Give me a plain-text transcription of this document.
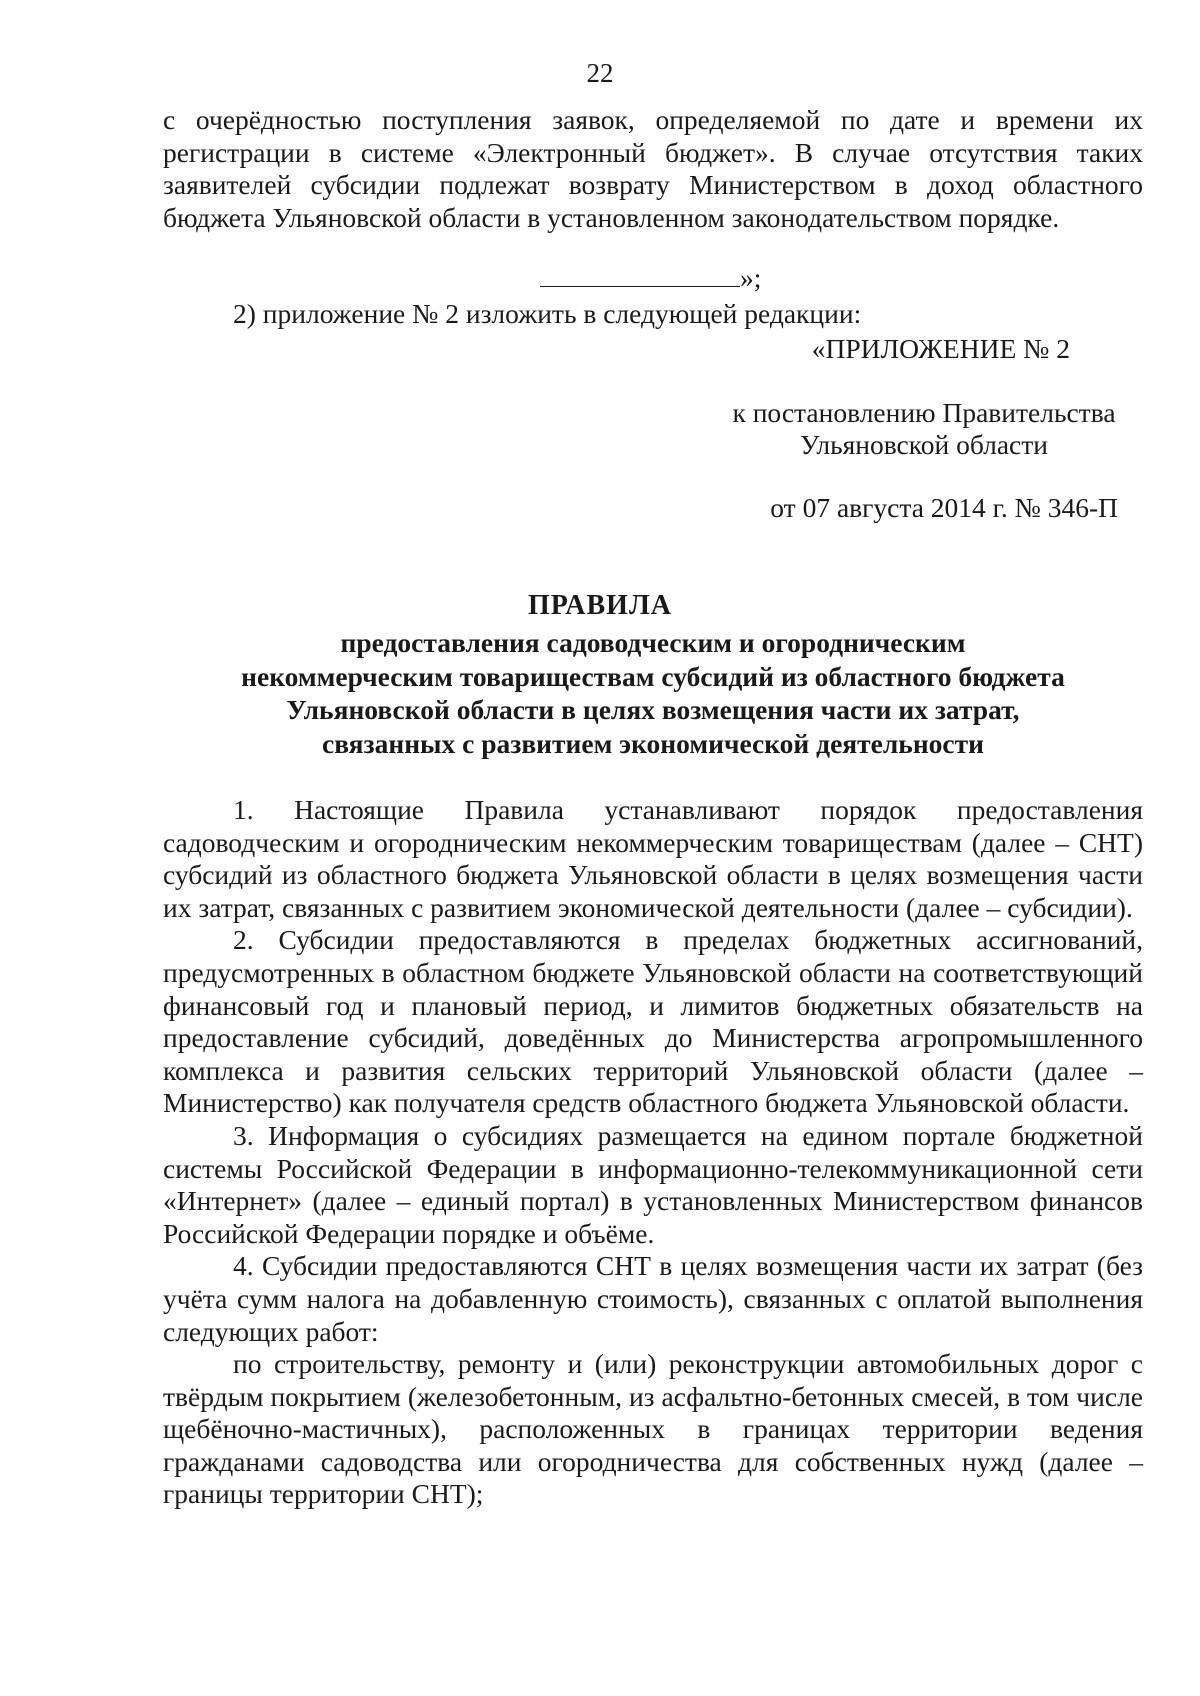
22

с очерёдностью поступления заявок, определяемой по дате и времени их регистрации в системе «Электронный бюджет». В случае отсутствия таких заявителей субсидии подлежат возврату Министерством в доход областного бюджета Ульяновской области в установленном законодательством порядке.

»;
2) приложение № 2 изложить в следующей редакции:
«ПРИЛОЖЕНИЕ № 2
к постановлению Правительства
Ульяновской области
от 07 августа 2014 г. № 346-П
ПРАВИЛА
предоставления садоводческим и огородническим
некоммерческим товариществам субсидий из областного бюджета
Ульяновской области в целях возмещения части их затрат,
связанных с развитием экономической деятельности

1. Настоящие Правила устанавливают порядок предоставления садоводческим и огородническим некоммерческим товариществам (далее – СНТ) субсидий из областного бюджета Ульяновской области в целях возмещения части их затрат, связанных с развитием экономической деятельности (далее – субсидии).

2. Субсидии предоставляются в пределах бюджетных ассигнований, предусмотренных в областном бюджете Ульяновской области на соответствующий финансовый год и плановый период, и лимитов бюджетных обязательств на предоставление субсидий, доведённых до Министерства агропромышленного комплекса и развития сельских территорий Ульяновской области (далее – Министерство) как получателя средств областного бюджета Ульяновской области.

3. Информация о субсидиях размещается на едином портале бюджетной системы Российской Федерации в информационно-телекоммуникационной сети «Интернет» (далее – единый портал) в установленных Министерством финансов Российской Федерации порядке и объёме.

4. Субсидии предоставляются СНТ в целях возмещения части их затрат (без учёта сумм налога на добавленную стоимость), связанных с оплатой выполнения следующих работ:

по строительству, ремонту и (или) реконструкции автомобильных дорог с твёрдым покрытием (железобетонным, из асфальтно-бетонных смесей, в том числе щебёночно-мастичных), расположенных в границах территории ведения гражданами садоводства или огородничества для собственных нужд (далее – границы территории СНТ);
